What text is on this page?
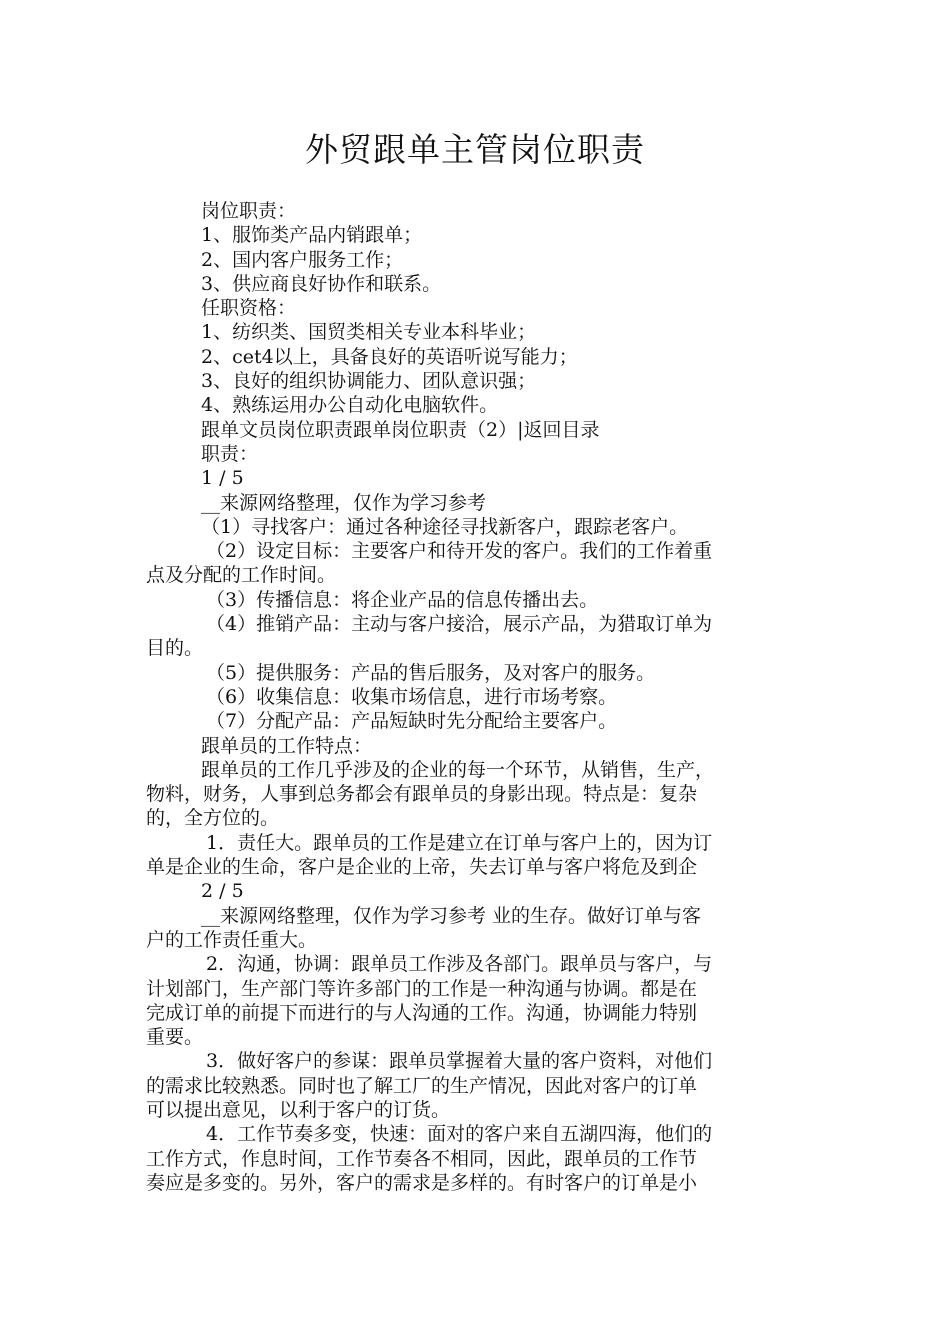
外贸跟单主管岗位职责

岗位职责：

1、服饰类产品内销跟单；

2、国内客户服务工作；

3、供应商良好协作和联系。

任职资格：

1、纺织类、国贸类相关专业本科毕业；

2、cet4以上，具备良好的英语听说写能力；

3、良好的组织协调能力、团队意识强；

4、熟练运用办公自动化电脑软件。

跟单文员岗位职责跟单岗位职责（2）|返回目录

职责：

1 / 5

__来源网络整理，仅作为学习参考

（1）寻找客户：通过各种途径寻找新客户，跟踪老客户。

（2）设定目标：主要客户和待开发的客户。我们的工作着重

点及分配的工作时间。

（3）传播信息：将企业产品的信息传播出去。

（4）推销产品：主动与客户接洽，展示产品，为猎取订单为

目的。

（5）提供服务：产品的售后服务，及对客户的服务。

（6）收集信息：收集市场信息，进行市场考察。

（7）分配产品：产品短缺时先分配给主要客户。

跟单员的工作特点：

跟单员的工作几乎涉及的企业的每一个环节，从销售，生产，

物料，财务，人事到总务都会有跟单员的身影出现。特点是：复杂

的，全方位的。

1．责任大。跟单员的工作是建立在订单与客户上的，因为订

单是企业的生命，客户是企业的上帝，失去订单与客户将危及到企

2 / 5

__来源网络整理，仅作为学习参考 业的生存。做好订单与客

户的工作责任重大。

2．沟通，协调：跟单员工作涉及各部门。跟单员与客户，与

计划部门，生产部门等许多部门的工作是一种沟通与协调。都是在

完成订单的前提下而进行的与人沟通的工作。沟通，协调能力特别

重要。

3．做好客户的参谋：跟单员掌握着大量的客户资料，对他们

的需求比较熟悉。同时也了解工厂的生产情况，因此对客户的订单

可以提出意见，以利于客户的订货。

4．工作节奏多变，快速：面对的客户来自五湖四海，他们的

工作方式，作息时间，工作节奏各不相同，因此，跟单员的工作节

奏应是多变的。另外，客户的需求是多样的。有时客户的订单是小
